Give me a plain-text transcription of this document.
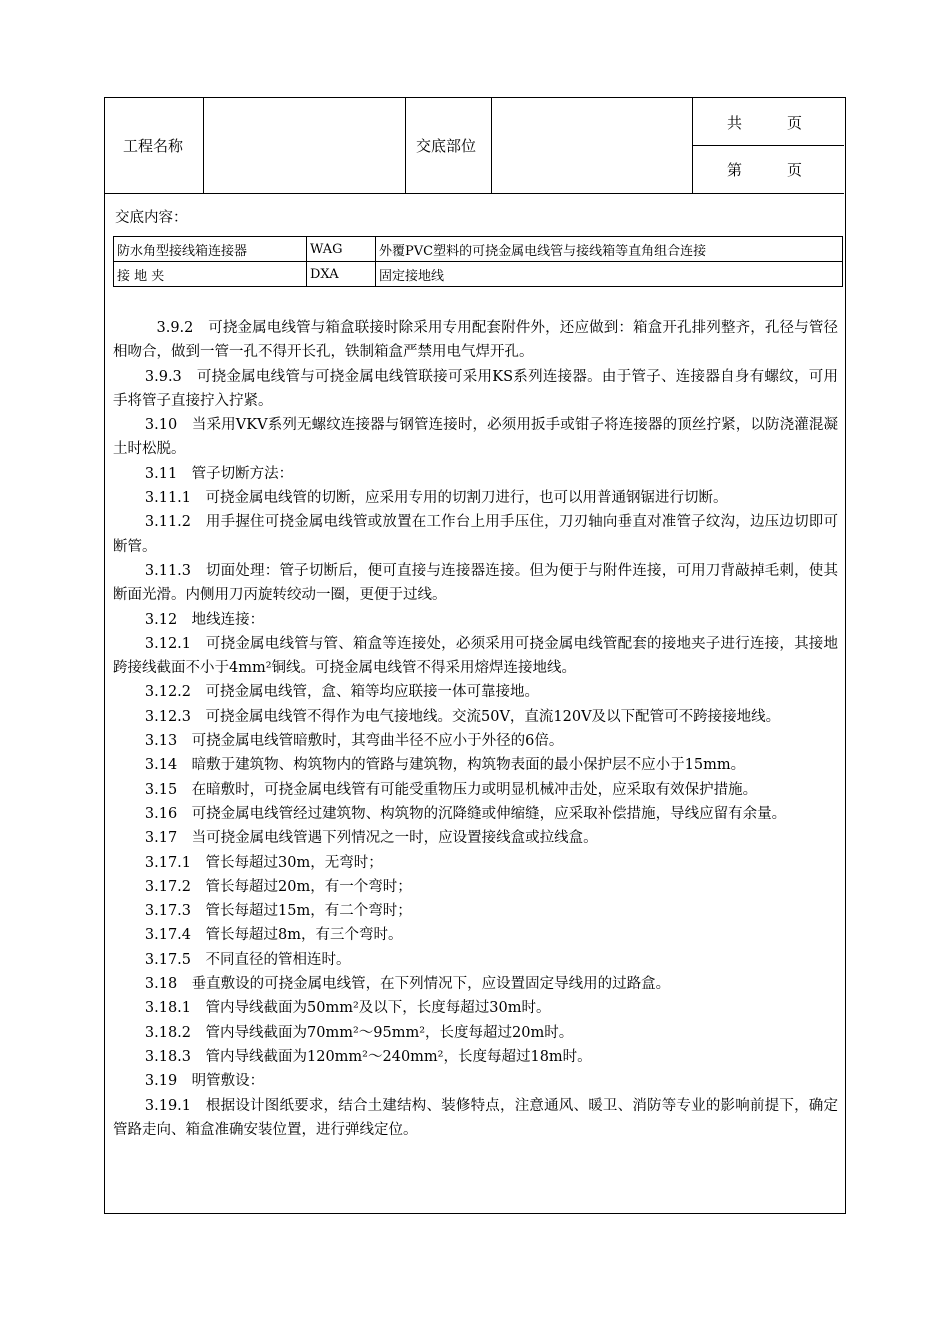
工程名称	交底部位
共　　　页
第　　　页
交底内容：
防水角型接线箱连接器	WAG	外覆PVC塑料的可挠金属电线管与接线箱等直角组合连接
接 地 夹	DXA	固定接地线

3.9.2　可挠金属电线管与箱盒联接时除采用专用配套附件外，还应做到：箱盒开孔排列整齐，孔径与管径相吻合，做到一管一孔不得开长孔，铁制箱盒严禁用电气焊开孔。

3.9.3　可挠金属电线管与可挠金属电线管联接可采用KS系列连接器。由于管子、连接器自身有螺纹，可用手将管子直接拧入拧紧。

3.10　当采用VKV系列无螺纹连接器与钢管连接时，必须用扳手或钳子将连接器的顶丝拧紧，以防浇灌混凝土时松脱。

3.11　管子切断方法：

3.11.1　可挠金属电线管的切断，应采用专用的切割刀进行，也可以用普通钢锯进行切断。

3.11.2　用手握住可挠金属电线管或放置在工作台上用手压住，刀刃轴向垂直对准管子纹沟，边压边切即可断管。

3.11.3　切面处理：管子切断后，便可直接与连接器连接。但为便于与附件连接，可用刀背敲掉毛刺，使其断面光滑。内侧用刀丙旋转绞动一圈，更便于过线。

3.12　地线连接：

3.12.1　可挠金属电线管与管、箱盒等连接处，必须采用可挠金属电线管配套的接地夹子进行连接，其接地跨接线截面不小于4mm²铜线。可挠金属电线管不得采用熔焊连接地线。

3.12.2　可挠金属电线管，盒、箱等均应联接一体可靠接地。

3.12.3　可挠金属电线管不得作为电气接地线。交流50V，直流120V及以下配管可不跨接接地线。

3.13　可挠金属电线管暗敷时，其弯曲半径不应小于外径的6倍。

3.14　暗敷于建筑物、构筑物内的管路与建筑物，构筑物表面的最小保护层不应小于15mm。

3.15　在暗敷时，可挠金属电线管有可能受重物压力或明显机械冲击处，应采取有效保护措施。

3.16　可挠金属电线管经过建筑物、构筑物的沉降缝或伸缩缝，应采取补偿措施，导线应留有余量。

3.17　当可挠金属电线管遇下列情况之一时，应设置接线盒或拉线盒。

3.17.1　管长每超过30m，无弯时；

3.17.2　管长每超过20m，有一个弯时；

3.17.3　管长每超过15m，有二个弯时；

3.17.4　管长每超过8m，有三个弯时。

3.17.5　不同直径的管相连时。

3.18　垂直敷设的可挠金属电线管，在下列情况下，应设置固定导线用的过路盒。

3.18.1　管内导线截面为50mm²及以下，长度每超过30m时。

3.18.2　管内导线截面为70mm²～95mm²，长度每超过20m时。

3.18.3　管内导线截面为120mm²～240mm²，长度每超过18m时。

3.19　明管敷设：

3.19.1　根据设计图纸要求，结合土建结构、装修特点，注意通风、暖卫、消防等专业的影响前提下，确定管路走向、箱盒准确安装位置，进行弹线定位。
